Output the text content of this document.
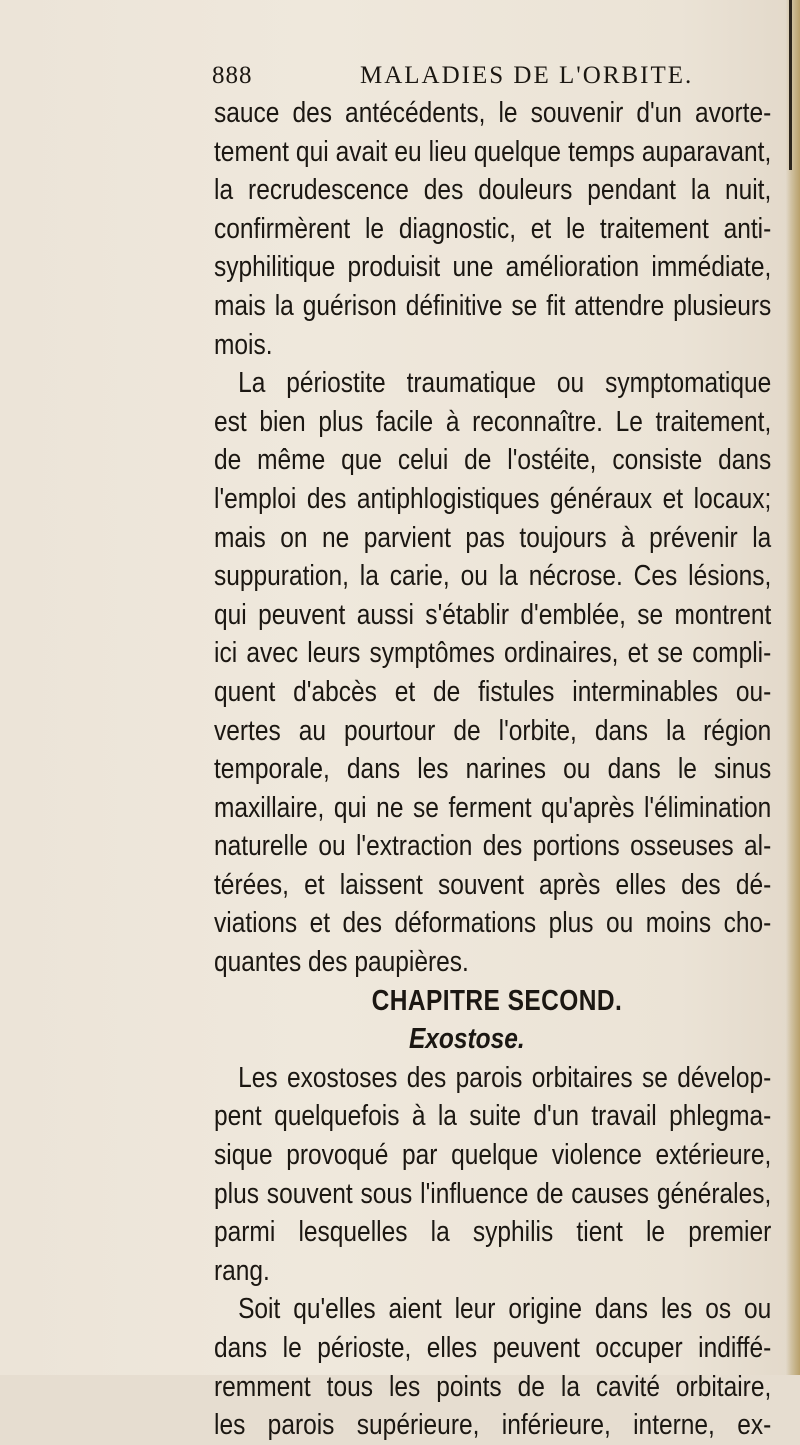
888	MALADIES DE L'ORBITE.
sauce des antécédents, le souvenir d'un avorte-
tement qui avait eu lieu quelque temps auparavant,
la recrudescence des douleurs pendant la nuit,
confirmèrent le diagnostic, et le traitement anti-
syphilitique produisit une amélioration immédiate,
mais la guérison définitive se fit attendre plusieurs
mois.
La périostite traumatique ou symptomatique
est bien plus facile à reconnaître. Le traitement,
de même que celui de l'ostéite, consiste dans
l'emploi des antiphlogistiques généraux et locaux;
mais on ne parvient pas toujours à prévenir la
suppuration, la carie, ou la nécrose. Ces lésions,
qui peuvent aussi s'établir d'emblée, se montrent
ici avec leurs symptômes ordinaires, et se compli-
quent d'abcès et de fistules interminables ou-
vertes au pourtour de l'orbite, dans la région
temporale, dans les narines ou dans le sinus
maxillaire, qui ne se ferment qu'après l'élimination
naturelle ou l'extraction des portions osseuses al-
térées, et laissent souvent après elles des dé-
viations et des déformations plus ou moins cho-
quantes des paupières.
CHAPITRE SECOND.
Exostose.
Les exostoses des parois orbitaires se dévelop-
pent quelquefois à la suite d'un travail phlegma-
sique provoqué par quelque violence extérieure,
plus souvent sous l'influence de causes générales,
parmi lesquelles la syphilis tient le premier
rang.
Soit qu'elles aient leur origine dans les os ou
dans le périoste, elles peuvent occuper indiffé-
remment tous les points de la cavité orbitaire,
les parois supérieure, inférieure, interne, ex-
